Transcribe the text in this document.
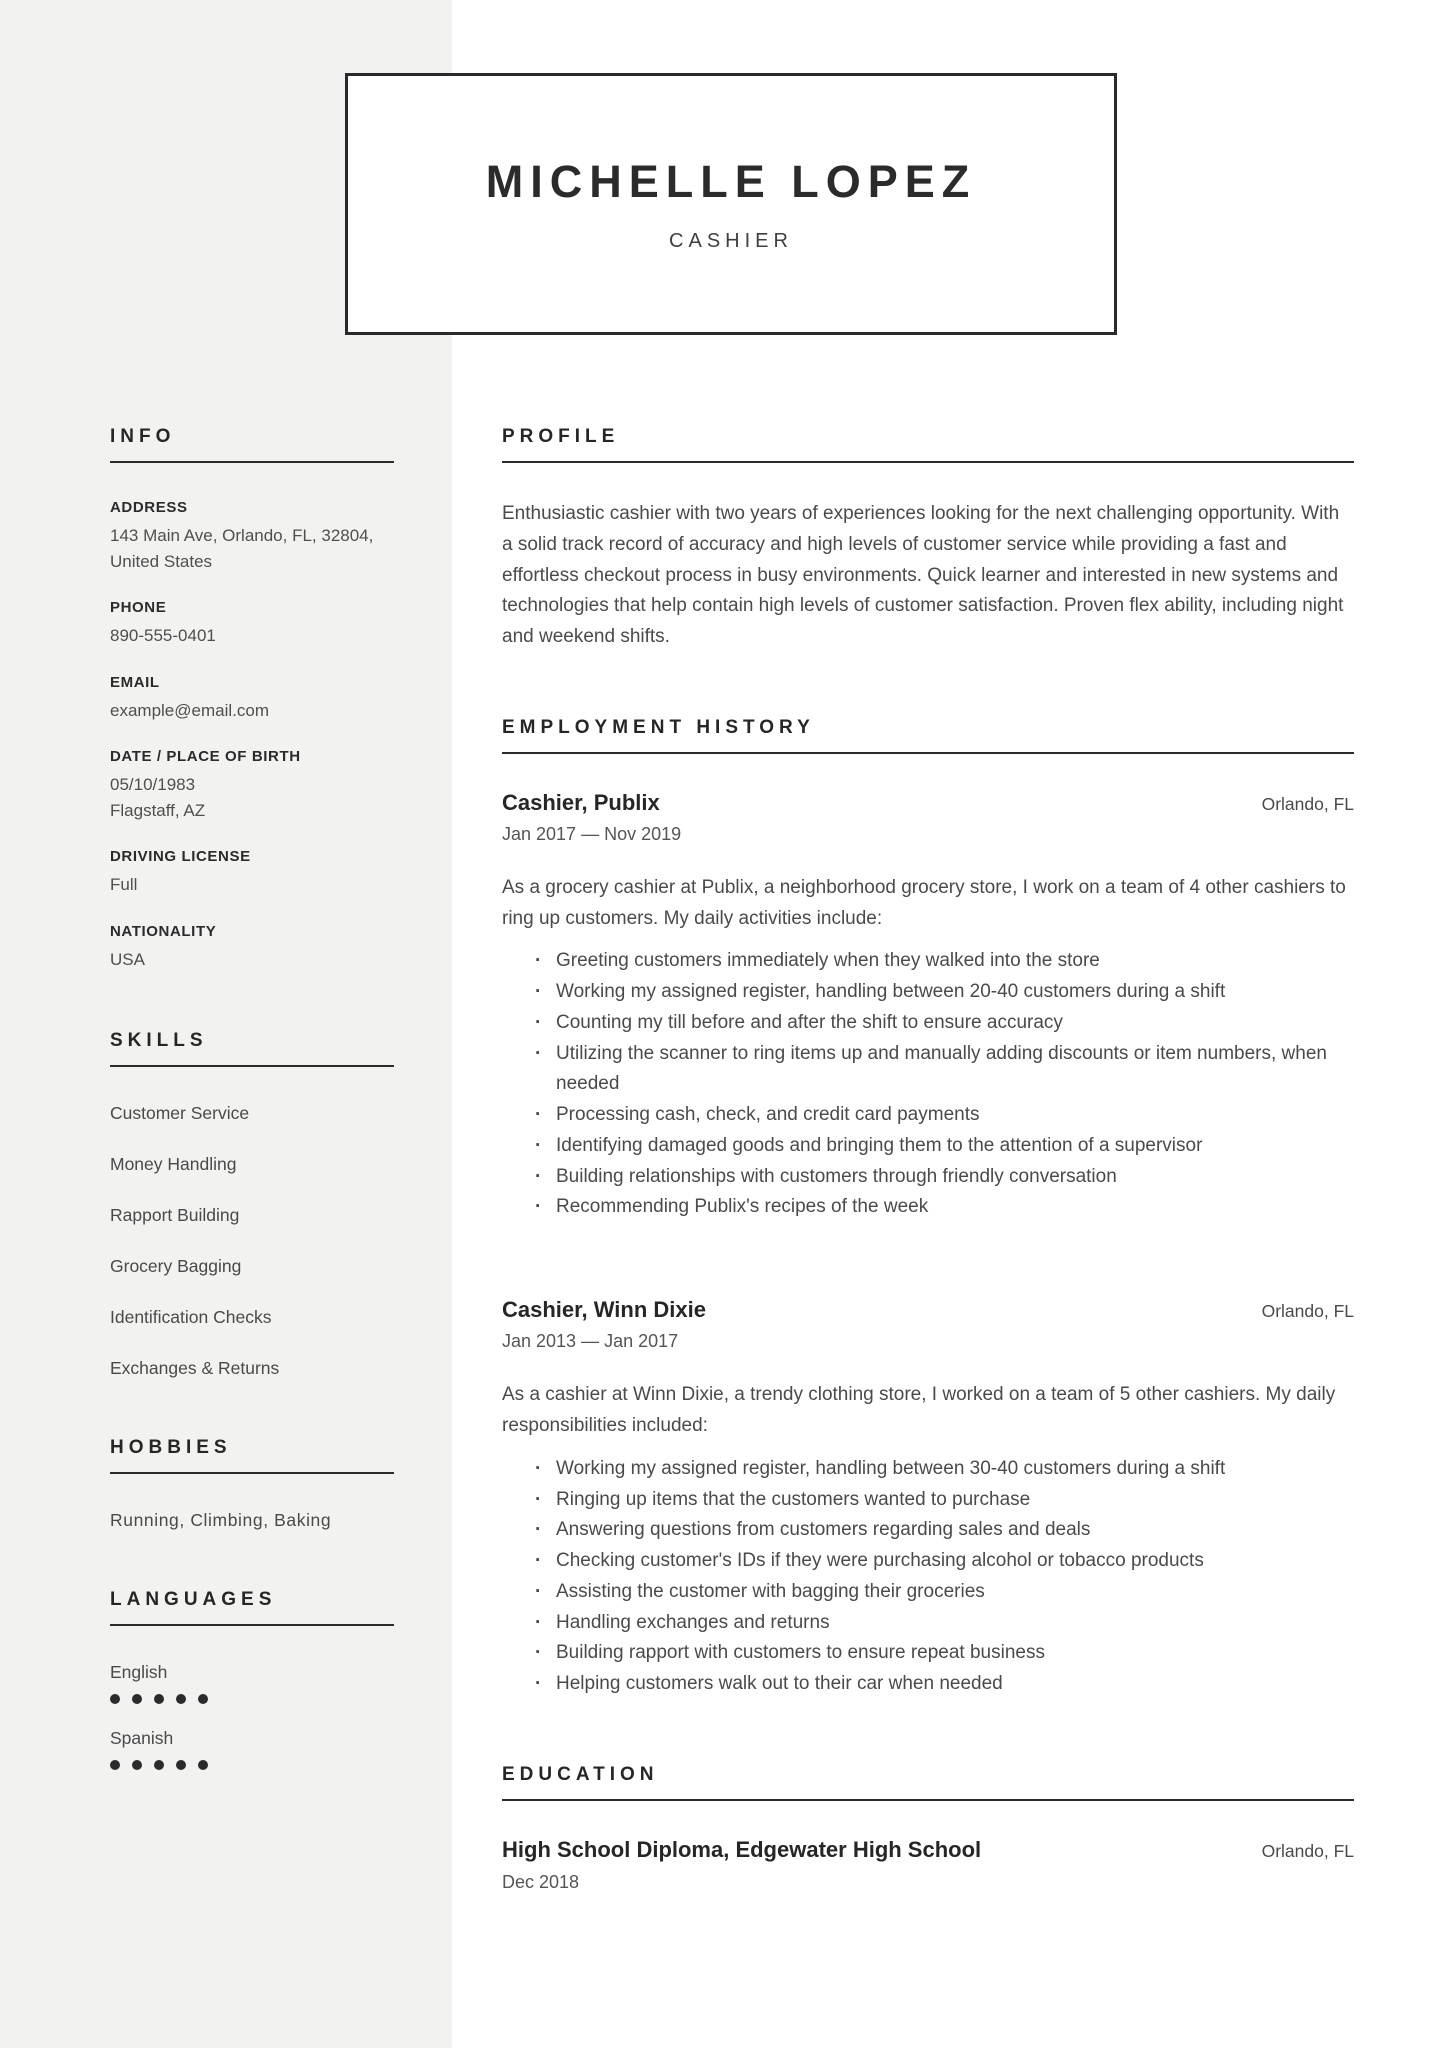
MICHELLE LOPEZ
CASHIER
INFO
ADDRESS
143 Main Ave, Orlando, FL, 32804,
United States
PHONE
890-555-0401
EMAIL
example@email.com
DATE / PLACE OF BIRTH
05/10/1983
Flagstaff, AZ
DRIVING LICENSE
Full
NATIONALITY
USA
SKILLS
Customer Service
Money Handling
Rapport Building
Grocery Bagging
Identification Checks
Exchanges & Returns
HOBBIES
Running, Climbing, Baking
LANGUAGES
English
Spanish
PROFILE

Enthusiastic cashier with two years of experiences looking for the next challenging opportunity. With a solid track record of accuracy and high levels of customer service while providing a fast and effortless checkout process in busy environments. Quick learner and interested in new systems and technologies that help contain high levels of customer satisfaction. Proven flex ability, including night and weekend shifts.

EMPLOYMENT HISTORY
Cashier, Publix	Orlando, FL
Jan 2017 — Nov 2019

As a grocery cashier at Publix, a neighborhood grocery store, I work on a team of 4 other cashiers to ring up customers. My daily activities include:

· Greeting customers immediately when they walked into the store
· Working my assigned register, handling between 20-40 customers during a shift
· Counting my till before and after the shift to ensure accuracy
· Utilizing the scanner to ring items up and manually adding discounts or item numbers, when needed
· Processing cash, check, and credit card payments
· Identifying damaged goods and bringing them to the attention of a supervisor
· Building relationships with customers through friendly conversation
· Recommending Publix's recipes of the week
Cashier, Winn Dixie	Orlando, FL
Jan 2013 — Jan 2017

As a cashier at Winn Dixie, a trendy clothing store, I worked on a team of 5 other cashiers. My daily responsibilities included:

· Working my assigned register, handling between 30-40 customers during a shift
· Ringing up items that the customers wanted to purchase
· Answering questions from customers regarding sales and deals
· Checking customer's IDs if they were purchasing alcohol or tobacco products
· Assisting the customer with bagging their groceries
· Handling exchanges and returns
· Building rapport with customers to ensure repeat business
· Helping customers walk out to their car when needed
EDUCATION
High School Diploma, Edgewater High School	Orlando, FL
Dec 2018
